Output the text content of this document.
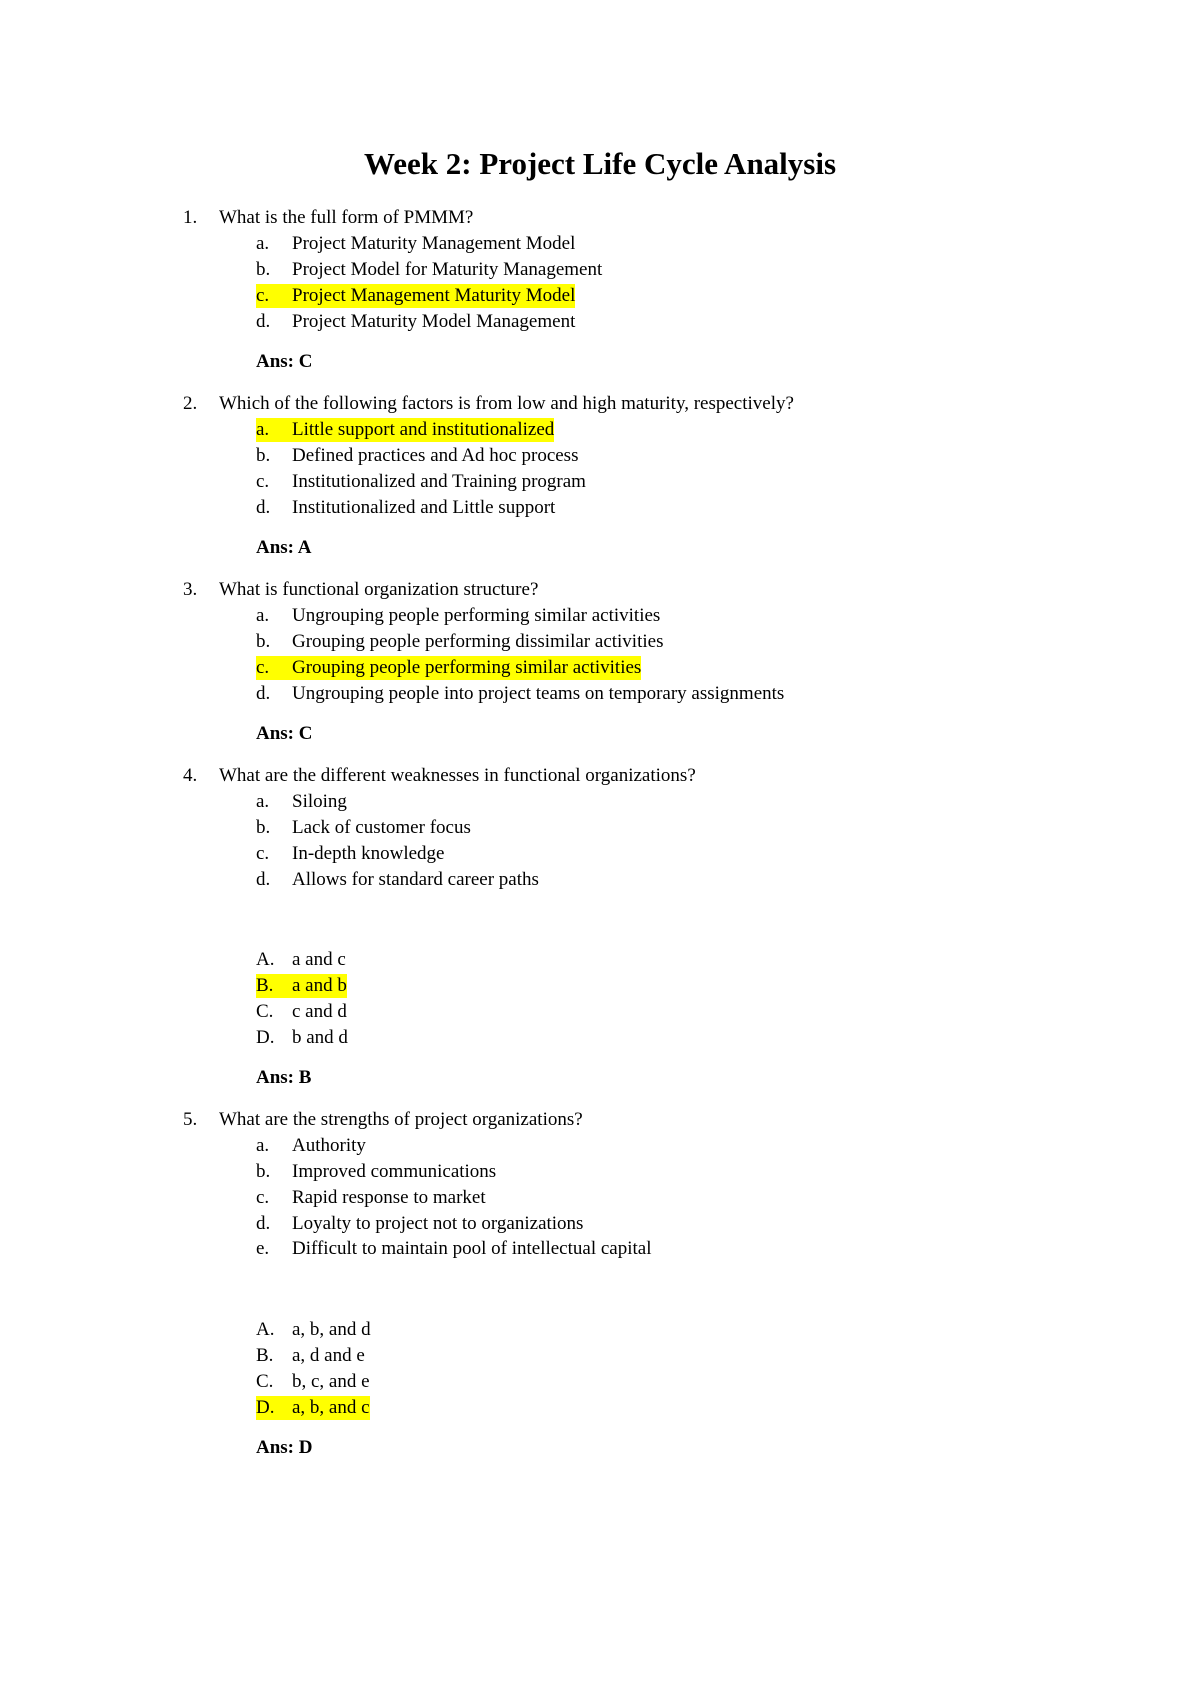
Week 2: Project Life Cycle Analysis
1. What is the full form of PMMM?
a. Project Maturity Management Model
b. Project Model for Maturity Management
c. Project Management Maturity Model
d. Project Maturity Model Management
Ans: C
2. Which of the following factors is from low and high maturity, respectively?
a. Little support and institutionalized
b. Defined practices and Ad hoc process
c. Institutionalized and Training program
d. Institutionalized and Little support
Ans: A
3. What is functional organization structure?
a. Ungrouping people performing similar activities
b. Grouping people performing dissimilar activities
c. Grouping people performing similar activities
d. Ungrouping people into project teams on temporary assignments
Ans: C
4. What are the different weaknesses in functional organizations?
a. Siloing
b. Lack of customer focus
c. In-depth knowledge
d. Allows for standard career paths
A. a and c
B. a and b
C. c and d
D. b and d
Ans: B
5. What are the strengths of project organizations?
a. Authority
b. Improved communications
c. Rapid response to market
d. Loyalty to project not to organizations
e. Difficult to maintain pool of intellectual capital
A. a, b, and d
B. a, d and e
C. b, c, and e
D. a, b, and c
Ans: D
